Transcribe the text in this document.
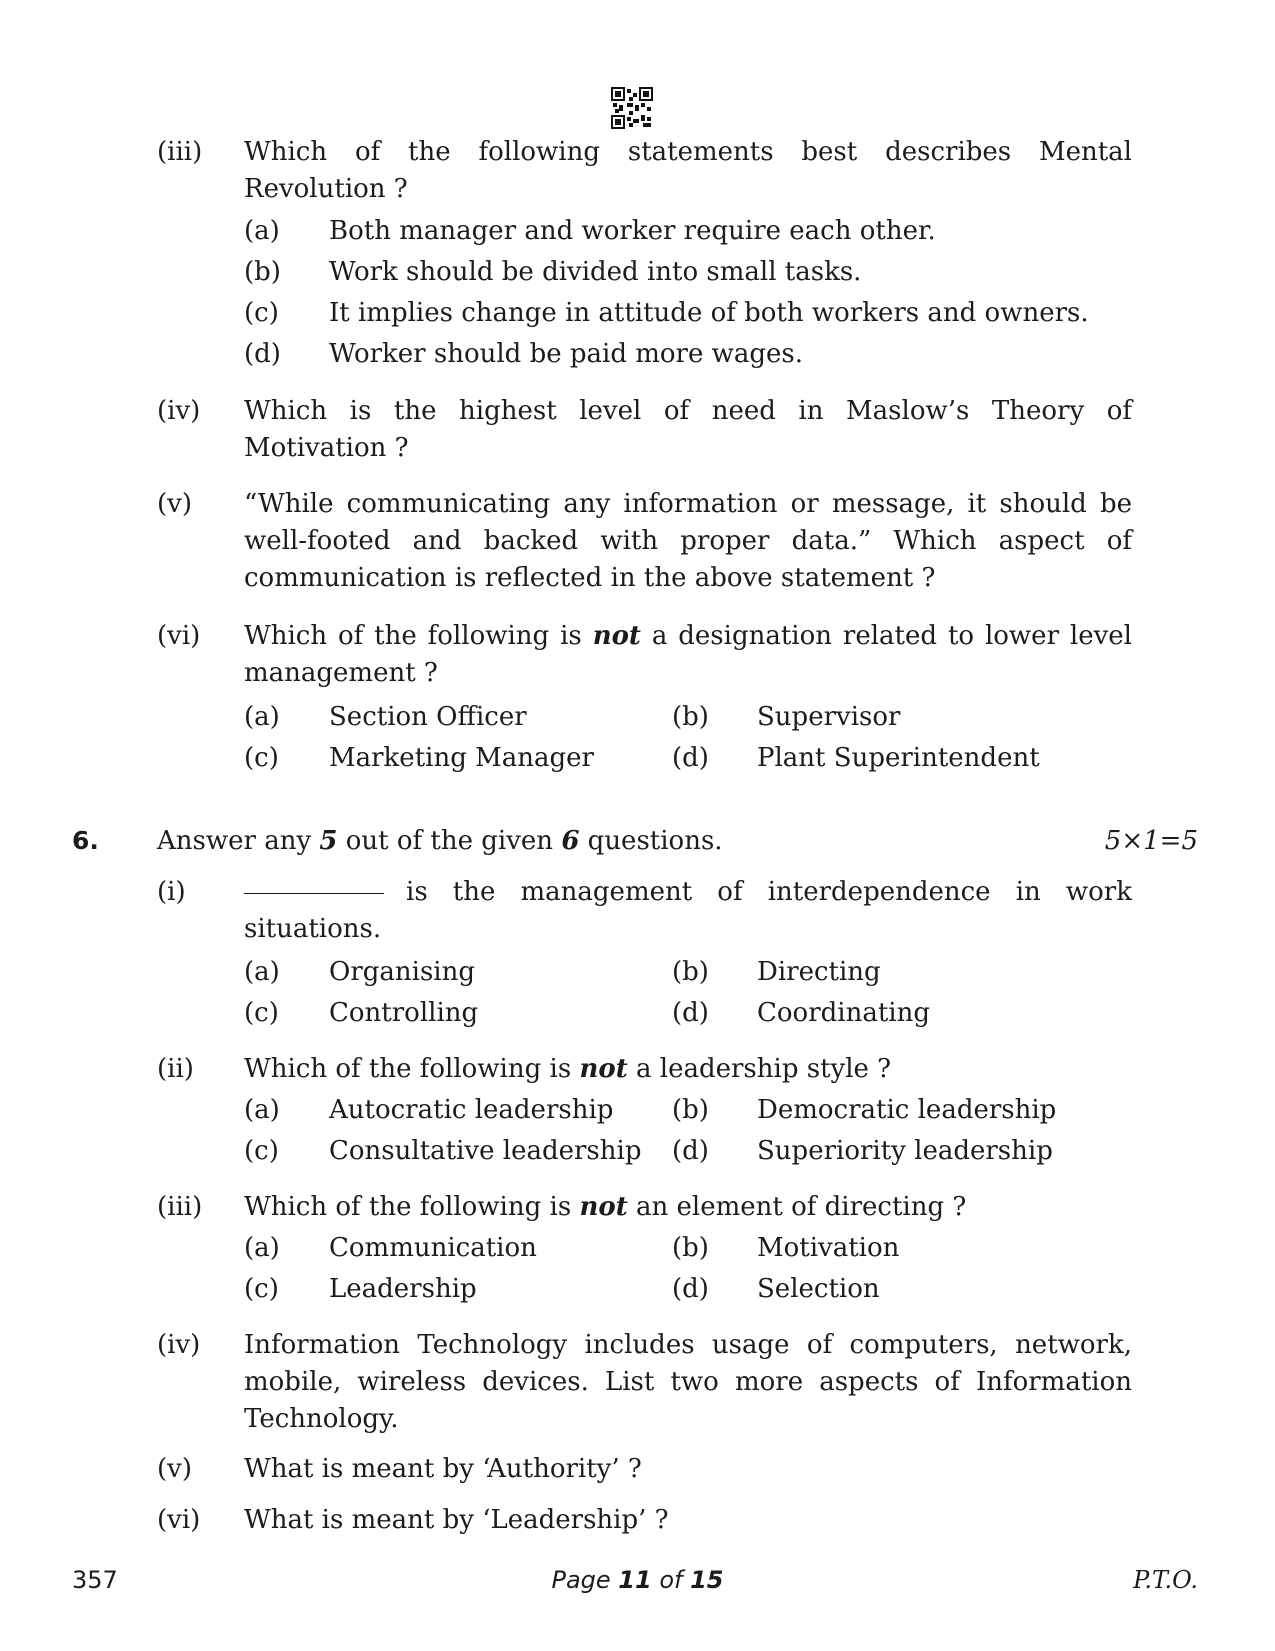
(iii) Which of the following statements best describes Mental Revolution ?
(a) Both manager and worker require each other.
(b) Work should be divided into small tasks.
(c) It implies change in attitude of both workers and owners.
(d) Worker should be paid more wages.
(iv) Which is the highest level of need in Maslow’s Theory of Motivation ?
(v) “While communicating any information or message, it should be well-footed and backed with proper data.” Which aspect of communication is reflected in the above statement ?
(vi) Which of the following is not a designation related to lower level management ?
(a) Section Officer	(b) Supervisor
(c) Marketing Manager	(d) Plant Superintendent
6. Answer any 5 out of the given 6 questions.	5×1=5
(i)	is the management of interdependence in work situations.
(a) Organising	(b) Directing
(c) Controlling	(d) Coordinating
(ii) Which of the following is not a leadership style ?
(a) Autocratic leadership (b) Democratic leadership
(c) Consultative leadership (d) Superiority leadership
(iii) Which of the following is not an element of directing ?
(a) Communication	(b) Motivation
(c) Leadership	(d) Selection
(iv) Information Technology includes usage of computers, network, mobile, wireless devices. List two more aspects of Information Technology.
(v) What is meant by ‘Authority’ ?
(vi) What is meant by ‘Leadership’ ?
357	Page 11 of 15	P.T.O.
